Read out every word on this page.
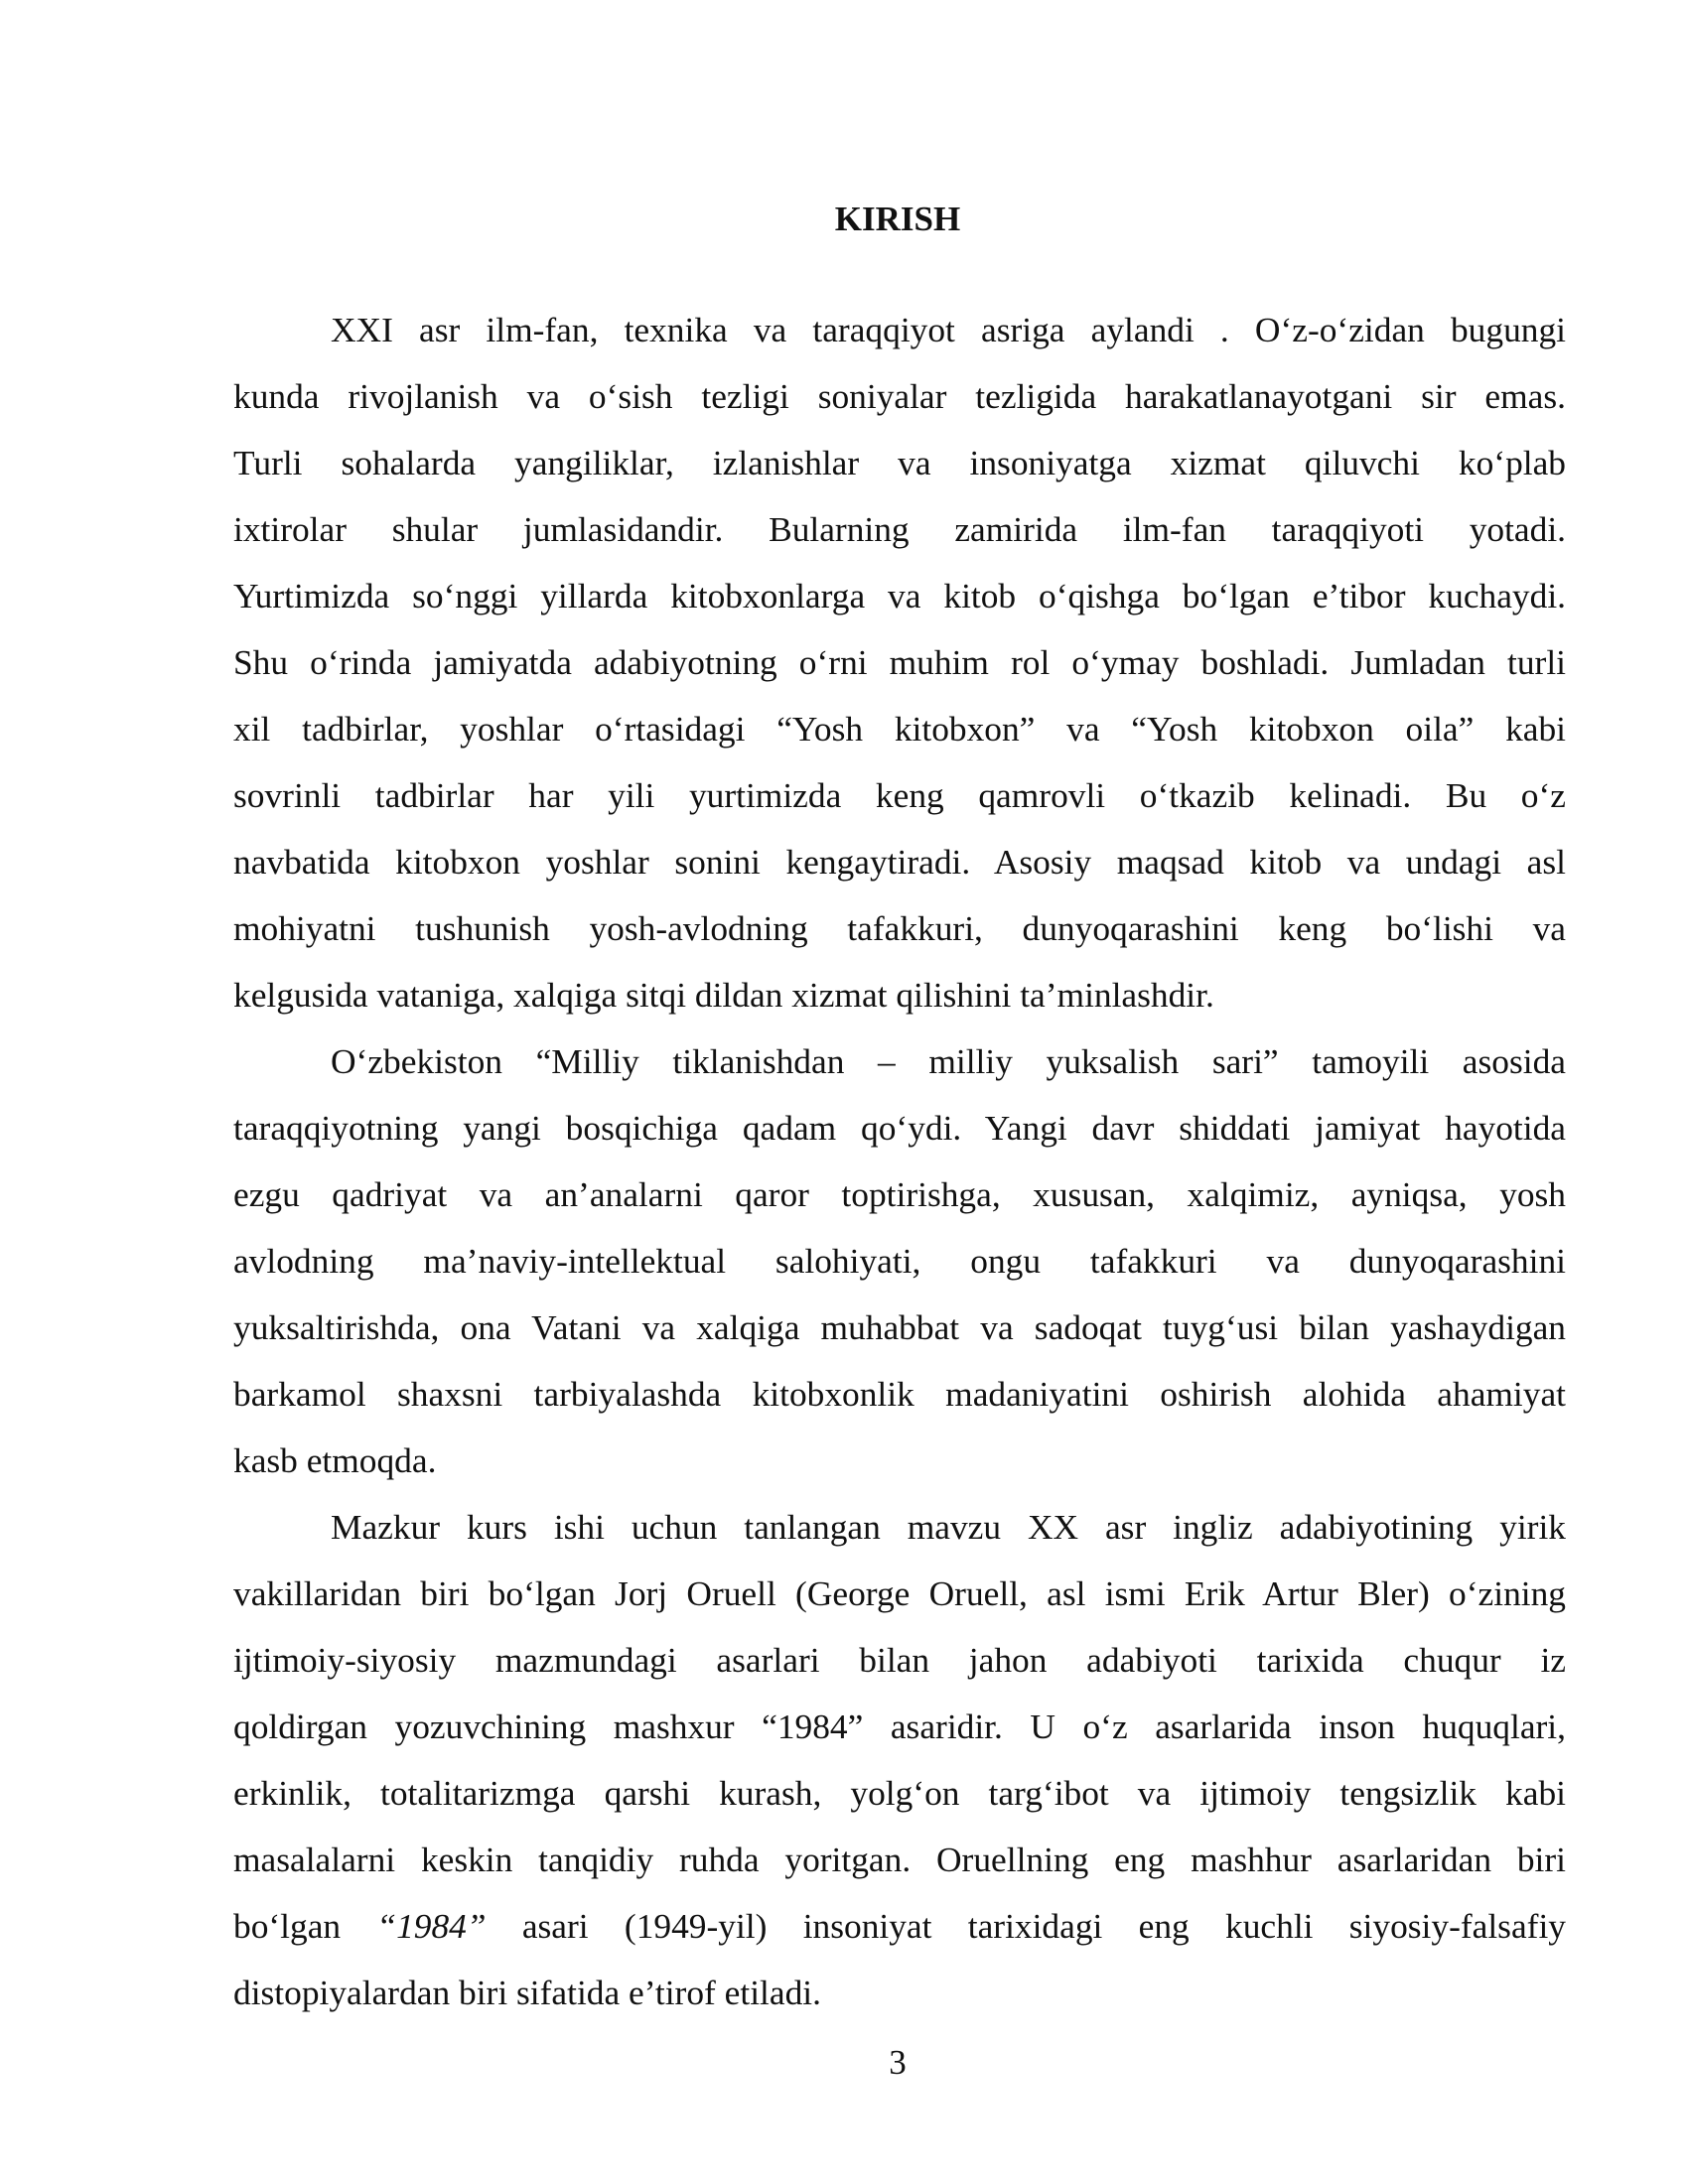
KIRISH
XXI asr ilm-fan, texnika va taraqqiyot asriga aylandi . O‘z-o‘zidan bugungi
kunda rivojlanish va o‘sish tezligi soniyalar tezligida harakatlanayotgani sir emas.
Turli sohalarda yangiliklar, izlanishlar va insoniyatga xizmat qiluvchi ko‘plab
ixtirolar shular jumlasidandir. Bularning zamirida ilm-fan taraqqiyoti yotadi.
Yurtimizda so‘nggi yillarda kitobxonlarga va kitob o‘qishga bo‘lgan e’tibor kuchaydi.
Shu o‘rinda jamiyatda adabiyotning o‘rni muhim rol o‘ymay boshladi. Jumladan turli
xil tadbirlar, yoshlar o‘rtasidagi “Yosh kitobxon” va “Yosh kitobxon oila” kabi
sovrinli tadbirlar har yili yurtimizda keng qamrovli o‘tkazib kelinadi. Bu o‘z
navbatida kitobxon yoshlar sonini kengaytiradi. Asosiy maqsad kitob va undagi asl
mohiyatni tushunish yosh-avlodning tafakkuri, dunyoqarashini keng bo‘lishi va
kelgusida vataniga, xalqiga sitqi dildan xizmat qilishini ta’minlashdir.
O‘zbekiston “Milliy tiklanishdan – milliy yuksalish sari” tamoyili asosida
taraqqiyotning yangi bosqichiga qadam qo‘ydi. Yangi davr shiddati jamiyat hayotida
ezgu qadriyat va an’analarni qaror toptirishga, xususan, xalqimiz, ayniqsa, yosh
avlodning ma’naviy-intellektual salohiyati, ongu tafakkuri va dunyoqarashini
yuksaltirishda, ona Vatani va xalqiga muhabbat va sadoqat tuyg‘usi bilan yashaydigan
barkamol shaxsni tarbiyalashda kitobxonlik madaniyatini oshirish alohida ahamiyat
kasb etmoqda.
Mazkur kurs ishi uchun tanlangan mavzu XX asr ingliz adabiyotining yirik
vakillaridan biri bo‘lgan Jorj Oruell (George Oruell, asl ismi Erik Artur Bler) o‘zining
ijtimoiy-siyosiy mazmundagi asarlari bilan jahon adabiyoti tarixida chuqur iz
qoldirgan yozuvchining mashxur “1984” asaridir. U o‘z asarlarida inson huquqlari,
erkinlik, totalitarizmga qarshi kurash, yolg‘on targ‘ibot va ijtimoiy tengsizlik kabi
masalalarni keskin tanqidiy ruhda yoritgan. Oruellning eng mashhur asarlaridan biri
bo‘lgan “1984” asari (1949-yil) insoniyat tarixidagi eng kuchli siyosiy-falsafiy
distopiyalardan biri sifatida e’tirof etiladi.
3
